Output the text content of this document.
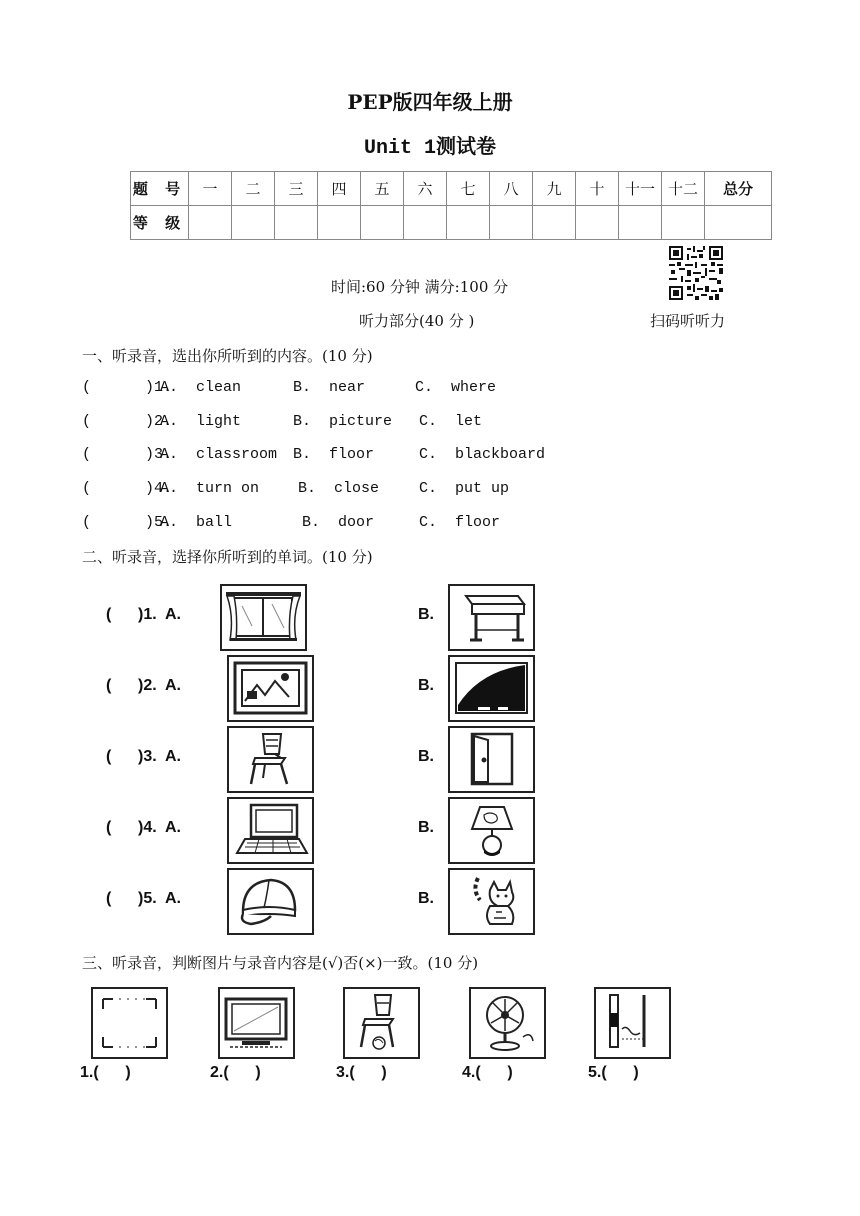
PEP版四年级上册
Unit 1测试卷
题 号	一	二	三	四	五	六	七	八	九	十	十一	十二	总分
等 级													
时间:60 分钟 满分:100 分
听力部分(40 分 )	扫码听听力
一、听录音，选出你所听到的内容。(10 分)
(      )1.
A.  clean	B.  near	C.  where
(      )2.
A.  light	B.  picture C.  let
(      )3.
A.  classroom B.  floor	C.  blackboard
(      )4.
A.  turn on	B.  close	C.  put up
(      )5.
A.  ball	B.  door	C.  floor
二、听录音，选择你所听到的单词。(10 分)
(      )1.  A.	B.
(      )2.  A.	B.
(      )3.  A.	B.
(      )4.  A.	B.
(      )5.  A.	B.
三、听录音，判断图片与录音内容是(√)否(×)一致。(10 分)
1.(      )	2.(      )	3.(      )	4.(      )	5.(      )
